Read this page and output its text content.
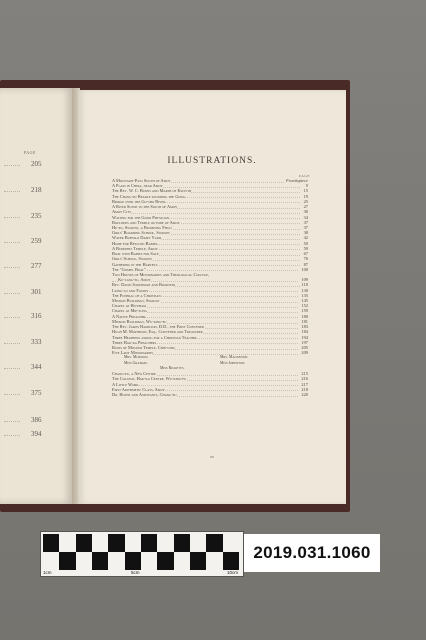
205
218
235
259
277
301
316
333
344
375
386
394
PAGE
ILLUSTRATIONS.
PAGE
A Mountain-Pass South of Amoy	Frontispiece
A Plain in China, near Amoy	9
The Rev. W. C. Burns and Marsh of Kilsyth	15
The Chang-pu Beadle sounding the Gong	19
Bridge over the Go-sho River	25
A River Scene to the South of Amoy	27
Amoy City	30
Waiting for the Good Physician	34
Boulders and Temple outside of Amoy	37
Hu-pu, Swatow, a Promising Field	37
Girls' Boarding School, Swatow	38
Water Buffalo Dairy Yard	42
Home for Rescued Babies	50
A Buddhist Temple, Amoy	59
Boat with Babies for Sale	67
Girls' School, Swatow	76
Gathering in the Harvest	87
The "Gospel Boat"	100
Two Houses of Missionaries and Theological College,
Ku-lang-su, Amoy	109
Rev. David Sandeman and Bookseid	118
Liong-lo and Family	130
The Funeral of a Christian	135
Mission Buildings, Swatow	145
Chapel at Ho-pham	152
Chapel at Mie-sung	159
A Native Preacher	180
Mission Buildings, Wu-king-fu	181
The Rev. James Hamilton, D.D., the First Convener	183
Hugh M. Matheson, Esq., Convener and Treasurer	184
Three Heathens asking for a Christian Teacher	194
Three Hak-ka Preachers	197
Ruins of Moslem Temple, Chin-chiu	205
Five Lady Missionaries	209
Mrs. Murison.	Mrs. Mackenzie.
Miss Graham.	Miss Johnston.
Miss Ricketts.
Chang-pu, a New Centre	215
The College, Hak-ka Centre, Wu-king-fu	216
A Little Work	217
First Arithmetic Class, Amoy	218
Dr. Howie and Assistants, Chang-pu	220
xv
1cm	5cm	10cm
2019.031.1060
